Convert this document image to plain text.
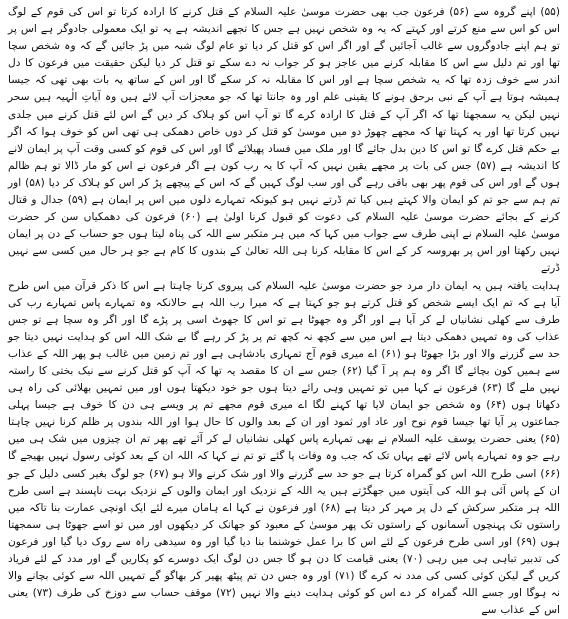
(۵۵) اپنے گروہ سے (۵۶) فرعون جب بھی حضرت موسیٰ علیہ السلام کے قتل کرنے کا ارادہ کرتا تو اس کی قوم کے لوگ اس کو اس سے منع کرتے اور کہتے کہ یہ وہ شخص نہیں ہے جس کا تجھے اندیشہ ہے یہ تو ایک معمولی جادوگر ہے اس پر تو ہم اپنے جادوگروں سے غالب آجائیں گے اور اگر اس کو قتل کر دیا تو عام لوگ شبہ میں پڑ جائیں گے کہ وہ شخص سچا تھا اور تم دلیل سے اس کا مقابلہ کرنے میں عاجز ہو کر جواب نہ دے سکے تو قتل کر دیا لیکن حقیقت میں فرعون کا دل اندر سے خوف زدہ تھا کہ یہ شخص سچا ہے اور اس کا مقابلہ نہ کر سکے گا اور اس کے ساتھ یہ بات بھی تھی کہ جیسا ہمیشہ ہوتا ہے آپ کے نبی برحق ہونے کا یقینی علم اور وہ جانتا تھا کہ جو معجزات آپ لائے ہیں وہ آیاتِ الٰہیہ ہیں سحر نہیں لیکن یہ سمجھتا تھا کہ اگر آپ کے قتل کا ارادہ کرے گا تو آپ اس کو ہلاک کر دیں گے اس لئے قتل کرنے میں جلدی نہیں کرتا تھا اور یہ کہتا تھا کہ مجھے چھوڑ دو میں موسیٰ کو قتل کر دوں خاص دھمکی ہی تھی اس کو خوف ہوا کہ اگر بے حکم قتل کرے گا تو اس کا دین بدل جائے گا اور ملک میں فساد پھیلائے گا اور اس کی قوم کو کسی وقت آپ پر ایمان لانے کا اندیشہ ہے (۵۷) جس کی بات پر مجھے یقین نہیں کہ آپ کا یہ رب کون ہے اگر فرعون نے اس کو مار ڈالا تو ہم ظالم ہوں گے اور اس کی قوم پھر بھی باقی رہے گی اور سب لوگ کہیں گے کہ اس کے پیچھے پڑ کر اس کو ہلاک کر دیا (۵۸) اور تم ہم سے جو تم کو ایمان والا کہتے ہیں کیا تم ڈرتے نہیں ہو کیونکہ تمہارے دلوں میں اس پر ایمان ہے (۵۹) جدال و قتال کرنے کے بجائے حضرت موسیٰ علیہ السلام کی دعوت کو قبول کرنا اولیٰ ہے (۶۰) فرعون کی دھمکیاں سن کر حضرت موسیٰ علیہ السلام نے اپنی طرف سے جواب میں کہا کہ میں ہر متکبر سے اللہ کی پناہ لیتا ہوں جو حساب کے دن پر ایمان نہیں رکھتا اور اس پر بھروسہ کر کے اس کا مقابلہ کرنا ہی اللہ تعالیٰ کے بندوں کا کام ہے جو ہر حال میں کسی سے نہیں ڈرتے

ہدایت یافتہ ہیں یہ ایمان دار مرد جو حضرت موسیٰ علیہ السلام کی پیروی کرنا چاہتا ہے اس کا ذکر قرآن میں اس طرح آیا ہے کہ تم ایک ایسے شخص کو قتل کرتے ہو جو کہتا ہے کہ میرا رب اللہ ہے حالانکہ وہ تمہارے پاس تمہارے رب کی طرف سے کھلی نشانیاں لے کر آیا ہے اور اگر وہ جھوٹا ہے تو اس کا جھوٹ اسی پر پڑے گا اور اگر وہ سچا ہے تو جس عذاب کی وہ تمہیں دھمکی دیتا ہے اس میں سے کچھ نہ کچھ تم پر پڑ کر رہے گا بے شک اللہ اس کو ہدایت نہیں دیتا جو حد سے گزرنے والا اور بڑا جھوٹا ہو (۶۱) اے میری قوم آج تمہاری بادشاہی ہے اور تم زمین میں غالب ہو پھر اللہ کے عذاب سے ہمیں کون بچائے گا اگر وہ ہم پر آ گیا (۶۲) جس سے ان کا مقصد یہ تھا کہ آپ کو قتل کرنے سے نیک بختی کا راستہ نہیں ملے گا (۶۳) فرعون نے کہا میں تو تمہیں وہی رائے دیتا ہوں جو خود دیکھتا ہوں اور میں تمہیں بھلائی کی راہ ہی دکھاتا ہوں (۶۴) وہ شخص جو ایمان لایا تھا کہنے لگا اے میری قوم مجھے تم پر ویسے ہی دن کا خوف ہے جیسا پہلی جماعتوں پر آیا تھا جیسا قوم نوح اور عاد اور ثمود اور ان کے بعد والوں کا حال ہوا اور اللہ بندوں پر ظلم کرنا نہیں چاہتا (۶۵) یعنی حضرت یوسف علیہ السلام نے بھی تمہارے پاس کھلی نشانیاں لے کر آئے تھے پھر تم ان چیزوں میں شک ہی میں رہے جو وہ تمہارے پاس لائے تھے یہاں تک کہ جب وہ وفات پا گئے تو تم نے کہا کہ اللہ ان کے بعد کوئی رسول نہیں بھیجے گا (۶۶) اسی طرح اللہ اس کو گمراہ کرتا ہے جو حد سے گزرنے والا اور شک کرنے والا ہو (۶۷) جو لوگ بغیر کسی دلیل کے جو ان کے پاس آئی ہو اللہ کی آیتوں میں جھگڑتے ہیں یہ اللہ کے نزدیک اور ایمان والوں کے نزدیک بہت ناپسند ہے اسی طرح اللہ ہر متکبر سرکش کے دل پر مہر کر دیتا ہے (۶۸) اور فرعون نے کہا اے ہامان میرے لئے ایک اونچی عمارت بنا تاکہ میں راستوں تک پہنچوں آسمانوں کے راستوں تک پھر موسیٰ کے معبود کو جھانک کر دیکھوں اور میں تو اسے جھوٹا ہی سمجھتا ہوں (۶۹) اور اسی طرح فرعون کے لئے اس کا برا عمل خوشنما بنا دیا گیا اور وہ سیدھی راہ سے روک دیا گیا اور فرعون کی تدبیر تباہی ہی میں رہی (۷۰) یعنی قیامت کا دن ہو گا جس دن لوگ ایک دوسرے کو پکاریں گے اور مدد کے لئے فریاد کریں گے لیکن کوئی کسی کی مدد نہ کرے گا (۷۱) اور وہ جس دن تم پیٹھ پھیر کر بھاگو گے تمہیں اللہ سے کوئی بچانے والا نہ ہوگا اور جسے اللہ گمراہ کر دے اس کو کوئی ہدایت دینے والا نہیں (۷۲) موقف حساب سے دوزخ کی طرف (۷۳) یعنی اس کے عذاب سے
